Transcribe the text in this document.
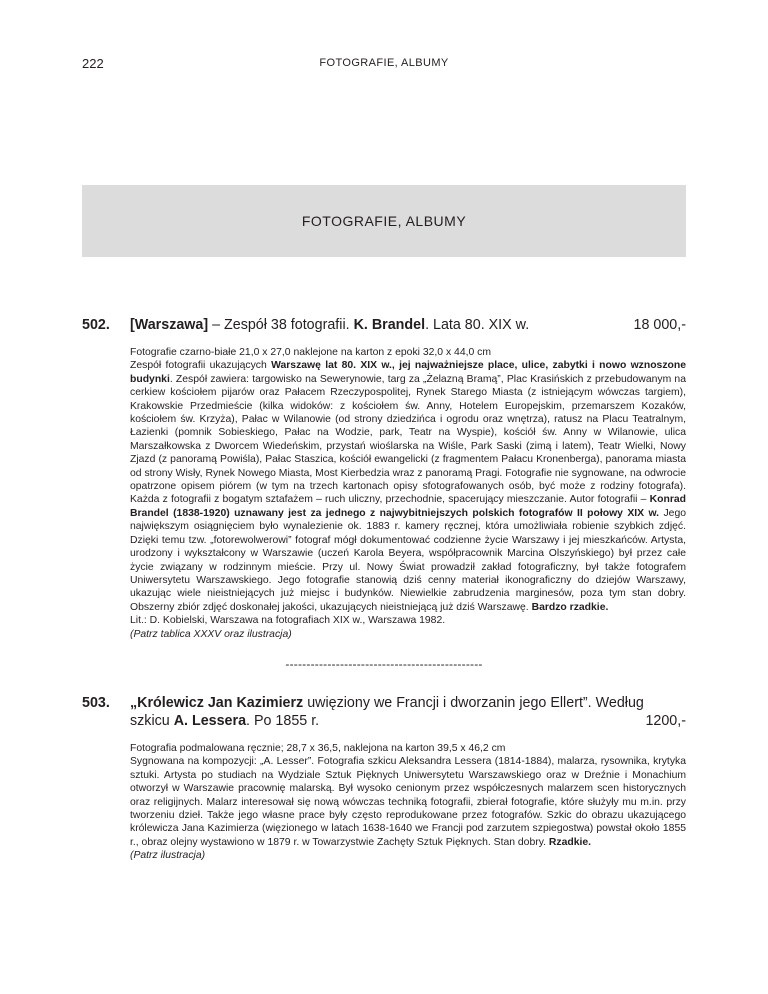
222	FOTOGRAFIE, ALBUMY
FOTOGRAFIE, ALBUMY
502. [Warszawa] – Zespół 38 fotografii. K. Brandel. Lata 80. XIX w.	18 000,-

Fotografie czarno-białe 21,0 x 27,0 naklejone na karton z epoki 32,0 x 44,0 cm

Zespół fotografii ukazujących Warszawę lat 80. XIX w., jej najważniejsze place, ulice, zabytki i nowo wznoszone budynki. Zespół zawiera: targowisko na Sewerynowie, targ za „Żelazną Bramą”, Plac Krasińskich z przebudowanym na cerkiew kościołem pijarów oraz Pałacem Rzeczypospolitej, Rynek Starego Miasta (z istniejącym wówczas targiem), Krakowskie Przedmieście (kilka widoków: z kościołem św. Anny, Hotelem Europejskim, przemarszem Kozaków, kościołem św. Krzyża), Pałac w Wilanowie (od strony dziedzińca i ogrodu oraz wnętrza), ratusz na Placu Teatralnym, Łazienki (pomnik Sobieskiego, Pałac na Wodzie, park, Teatr na Wyspie), kościół św. Anny w Wilanowie, ulica Marszałkowska z Dworcem Wiedeńskim, przystań wioślarska na Wiśle, Park Saski (zimą i latem), Teatr Wielki, Nowy Zjazd (z panoramą Powiśla), Pałac Staszica, kościół ewangelicki (z fragmentem Pałacu Kronenberga), panorama miasta od strony Wisły, Rynek Nowego Miasta, Most Kierbedzia wraz z panoramą Pragi. Fotografie nie sygnowane, na odwrocie opatrzone opisem piórem (w tym na trzech kartonach opisy sfotografowanych osób, być może z rodziny fotografa). Każda z fotografii z bogatym sztafażem – ruch uliczny, przechodnie, spacerujący mieszczanie. Autor fotografii – Konrad Brandel (1838-1920) uznawany jest za jednego z najwybitniejszych polskich fotografów II połowy XIX w. Jego największym osiągnięciem było wynalezienie ok. 1883 r. kamery ręcznej, która umożliwiała robienie szybkich zdjęć. Dzięki temu tzw. „fotorewolwerowi” fotograf mógł dokumentować codzienne życie Warszawy i jej mieszkańców. Artysta, urodzony i wykształcony w Warszawie (uczeń Karola Beyera, współpracownik Marcina Olszyńskiego) był przez całe życie związany w rodzinnym mieście. Przy ul. Nowy Świat prowadził zakład fotograficzny, był także fotografem Uniwersytetu Warszawskiego. Jego fotografie stanowią dziś cenny materiał ikonograficzny do dziejów Warszawy, ukazując wiele nieistniejących już miejsc i budynków. Niewielkie zabrudzenia marginesów, poza tym stan dobry. Obszerny zbiór zdjęć doskonałej jakości, ukazujących nieistniejącą już dziś Warszawę. Bardzo rzadkie.

Lit.: D. Kobielski, Warszawa na fotografiach XIX w., Warszawa 1982.

(Patrz tablica XXXV oraz ilustracja)

-----------------------------------------------
503. „Królewicz Jan Kazimierz uwięziony we Francji i dworzanin jego Ellert”. Według szkicu A. Lessera. Po 1855 r.	1200,-

Fotografia podmalowana ręcznie; 28,7 x 36,5, naklejona na karton 39,5 x 46,2 cm

Sygnowana na kompozycji: „A. Lesser”. Fotografia szkicu Aleksandra Lessera (1814-1884), malarza, rysownika, krytyka sztuki. Artysta po studiach na Wydziale Sztuk Pięknych Uniwersytetu Warszawskiego oraz w Dreźnie i Monachium otworzył w Warszawie pracownię malarską. Był wysoko cenionym przez współczesnych malarzem scen historycznych oraz religijnych. Malarz interesował się nową wówczas techniką fotografii, zbierał fotografie, które służyły mu m.in. przy tworzeniu dzieł. Także jego własne prace były często reprodukowane przez fotografów. Szkic do obrazu ukazującego królewicza Jana Kazimierza (więzionego w latach 1638-1640 we Francji pod zarzutem szpiegostwa) powstał około 1855 r., obraz olejny wystawiono w 1879 r. w Towarzystwie Zachęty Sztuk Pięknych. Stan dobry. Rzadkie.

(Patrz ilustracja)
